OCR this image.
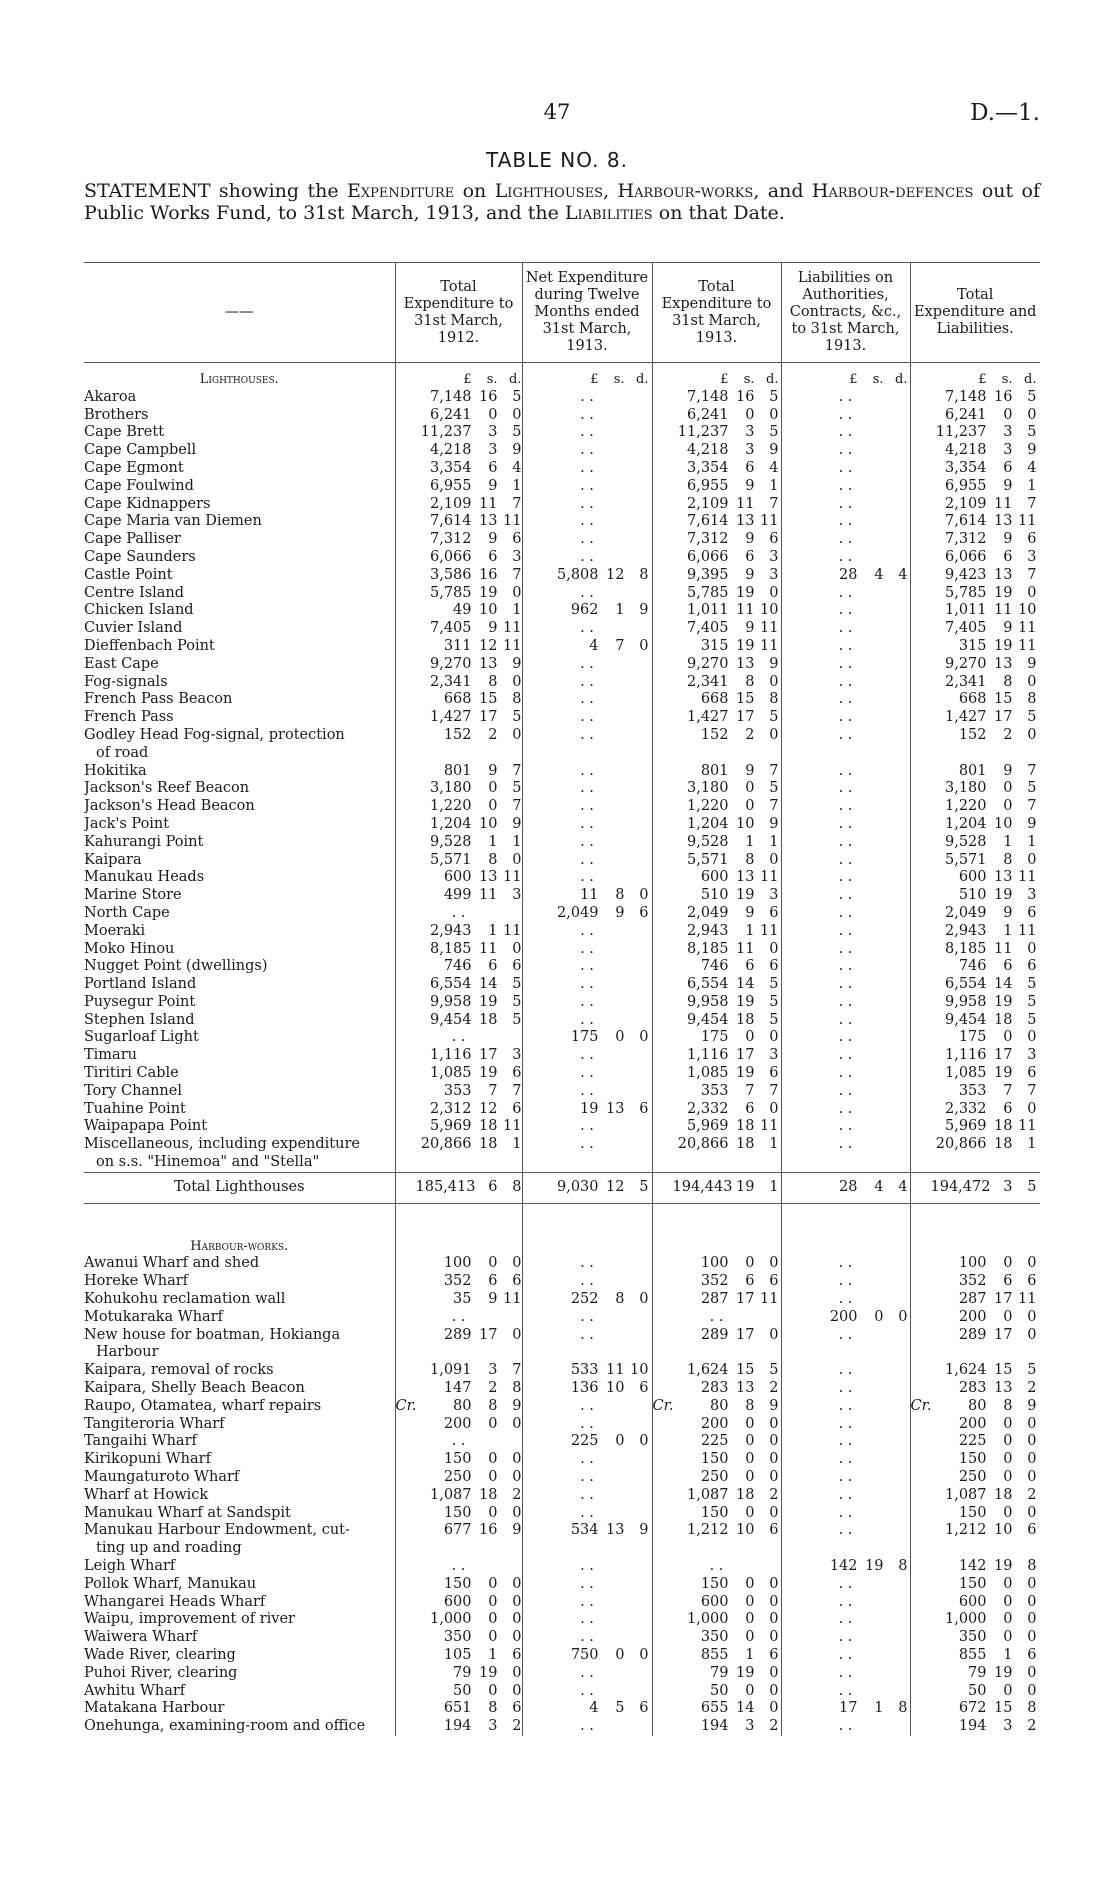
47	D.—1.
TABLE NO. 8.
STATEMENT showing the Expenditure on Lighthouses, Harbour-works, and Harbour-defences out of Public Works Fund, to 31st March, 1913, and the Liabilities on that Date.
——	Total Expenditure to 31st March, 1912.	Net Expenditure during Twelve Months ended 31st March, 1913.	Total Expenditure to 31st March, 1913.	Liabilities on Authorities, Contracts, &c., to 31st March, 1913.	Total Expenditure and Liabilities.
Lighthouses.	£ s. d.	£ s. d.	£ s. d.	£ s. d.	£ s. d.

Akaroa	7,148 16 5	. .	7,148 16 5	. .	7,148 16 5

Brothers	6,241 0 0	. .	6,241 0 0	. .	6,241 0 0

Cape Brett	11,237 3 5	. .	11,237 3 5	. .	11,237 3 5

Cape Campbell	4,218 3 9	. .	4,218 3 9	. .	4,218 3 9

Cape Egmont	3,354 6 4	. .	3,354 6 4	. .	3,354 6 4

Cape Foulwind	6,955 9 1	. .	6,955 9 1	. .	6,955 9 1

Cape Kidnappers	2,109 11 7	. .	2,109 11 7	. .	2,109 11 7

Cape Maria van Diemen	7,614 13 11	. .	7,614 13 11	. .	7,614 13 11

Cape Palliser	7,312 9 6	. .	7,312 9 6	. .	7,312 9 6

Cape Saunders	6,066 6 3	. .	6,066 6 3	. .	6,066 6 3

Castle Point	3,586 16 7	5,808 12 8	9,395 9 3	28 4 4	9,423 13 7

Centre Island	5,785 19 0	. .	5,785 19 0	. .	5,785 19 0

Chicken Island	49 10 1	962 1 9	1,011 11 10	. .	1,011 11 10

Cuvier Island	7,405 9 11	. .	7,405 9 11	. .	7,405 9 11

Dieffenbach Point	311 12 11	4 7 0	315 19 11	. .	315 19 11

East Cape	9,270 13 9	. .	9,270 13 9	. .	9,270 13 9

Fog-signals	2,341 8 0	. .	2,341 8 0	. .	2,341 8 0

French Pass Beacon	668 15 8	. .	668 15 8	. .	668 15 8

French Pass	1,427 17 5	. .	1,427 17 5	. .	1,427 17 5

Godley Head Fog-signal, protection
of road	152 2 0	. .	152 2 0	. .	152 2 0

Hokitika	801 9 7	. .	801 9 7	. .	801 9 7

Jackson's Reef Beacon	3,180 0 5	. .	3,180 0 5	. .	3,180 0 5

Jackson's Head Beacon	1,220 0 7	. .	1,220 0 7	. .	1,220 0 7

Jack's Point	1,204 10 9	. .	1,204 10 9	. .	1,204 10 9

Kahurangi Point	9,528 1 1	. .	9,528 1 1	. .	9,528 1 1

Kaipara	5,571 8 0	. .	5,571 8 0	. .	5,571 8 0

Manukau Heads	600 13 11	. .	600 13 11	. .	600 13 11

Marine Store	499 11 3	11 8 0	510 19 3	. .	510 19 3

North Cape	. .	2,049 9 6	2,049 9 6	. .	2,049 9 6

Moeraki	2,943 1 11	. .	2,943 1 11	. .	2,943 1 11

Moko Hinou	8,185 11 0	. .	8,185 11 0	. .	8,185 11 0

Nugget Point (dwellings)	746 6 6	. .	746 6 6	. .	746 6 6

Portland Island	6,554 14 5	. .	6,554 14 5	. .	6,554 14 5

Puysegur Point	9,958 19 5	. .	9,958 19 5	. .	9,958 19 5

Stephen Island	9,454 18 5	. .	9,454 18 5	. .	9,454 18 5

Sugarloaf Light	. .	175 0 0	175 0 0	. .	175 0 0

Timaru	1,116 17 3	. .	1,116 17 3	. .	1,116 17 3

Tiritiri Cable	1,085 19 6	. .	1,085 19 6	. .	1,085 19 6

Tory Channel	353 7 7	. .	353 7 7	. .	353 7 7

Tuahine Point	2,312 12 6	19 13 6	2,332 6 0	. .	2,332 6 0

Waipapapa Point	5,969 18 11	. .	5,969 18 11	. .	5,969 18 11

Miscellaneous, including expenditure
on s.s. "Hinemoa" and "Stella"	20,866 18 1	. .	20,866 18 1	. .	20,866 18 1
Total Lighthouses	185,413 6 8	9,030 12 5	194,443 19 1	28 4 4	194,472 3 5

Harbour-works.					

Awanui Wharf and shed	100 0 0	. .	100 0 0	. .	100 0 0

Horeke Wharf	352 6 6	. .	352 6 6	. .	352 6 6

Kohukohu reclamation wall	35 9 11	252 8 0	287 17 11	. .	287 17 11

Motukaraka Wharf	. .	. .	. .	200 0 0	200 0 0

New house for boatman, Hokianga
Harbour	289 17 0	. .	289 17 0	. .	289 17 0

Kaipara, removal of rocks	1,091 3 7	533 11 10	1,624 15 5	. .	1,624 15 5

Kaipara, Shelly Beach Beacon	147 2 8	136 10 6	283 13 2	. .	283 13 2

Raupo, Otamatea, wharf repairs	Cr. 80 8 9	. .	Cr. 80 8 9	. .	Cr. 80 8 9

Tangiteroria Wharf	200 0 0	. .	200 0 0	. .	200 0 0

Tangaihi Wharf	. .	225 0 0	225 0 0	. .	225 0 0

Kirikopuni Wharf	150 0 0	. .	150 0 0	. .	150 0 0

Maungaturoto Wharf	250 0 0	. .	250 0 0	. .	250 0 0

Wharf at Howick	1,087 18 2	. .	1,087 18 2	. .	1,087 18 2

Manukau Wharf at Sandspit	150 0 0	. .	150 0 0	. .	150 0 0

Manukau Harbour Endowment, cut-
ting up and roading	677 16 9	534 13 9	1,212 10 6	. .	1,212 10 6

Leigh Wharf	. .	. .	. .	142 19 8	142 19 8

Pollok Wharf, Manukau	150 0 0	. .	150 0 0	. .	150 0 0

Whangarei Heads Wharf	600 0 0	. .	600 0 0	. .	600 0 0

Waipu, improvement of river	1,000 0 0	. .	1,000 0 0	. .	1,000 0 0

Waiwera Wharf	350 0 0	. .	350 0 0	. .	350 0 0

Wade River, clearing	105 1 6	750 0 0	855 1 6	. .	855 1 6

Puhoi River, clearing	79 19 0	. .	79 19 0	. .	79 19 0

Awhitu Wharf	50 0 0	. .	50 0 0	. .	50 0 0

Matakana Harbour	651 8 6	4 5 6	655 14 0	17 1 8	672 15 8

Onehunga, examining-room and office	194 3 2	. .	194 3 2	. .	194 3 2
